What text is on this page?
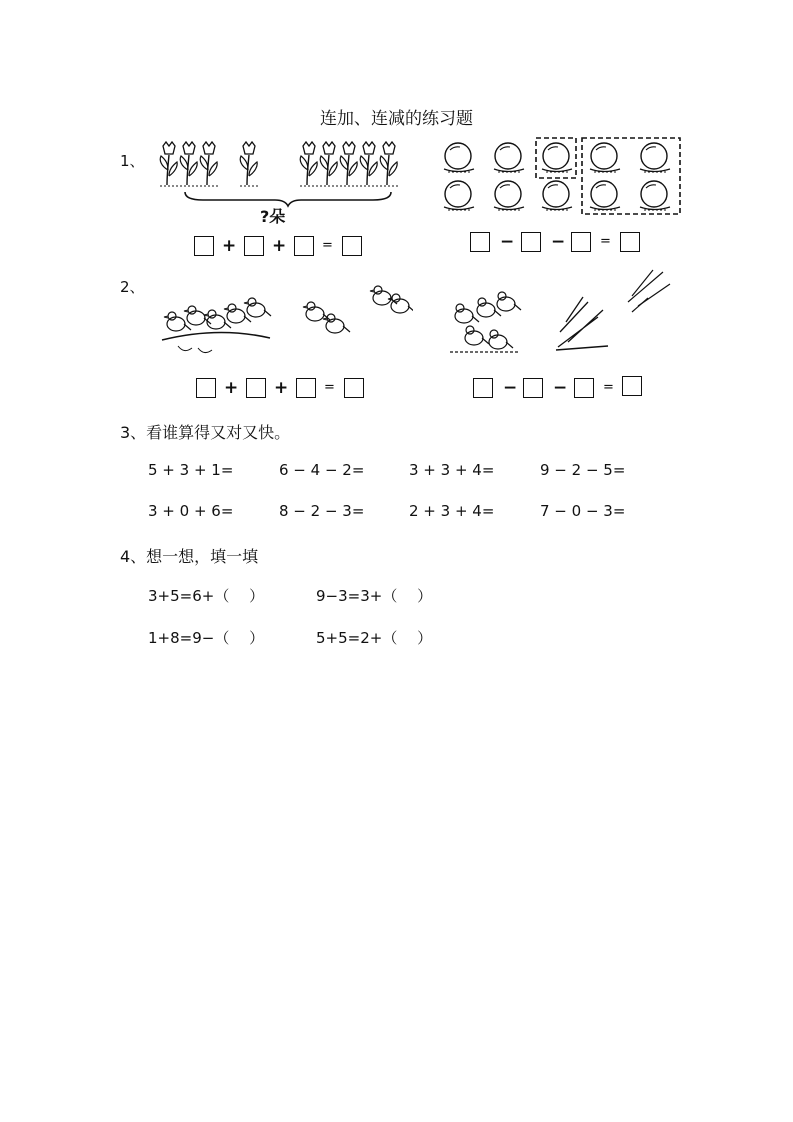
连加、连减的练习题
1、
?朵
+ +	=	− −	=
2、
+ +	=	− −	=
3、看谁算得又对又快。
5 + 3 + 1=	6 − 4 − 2=	3 + 3 + 4=	9 − 2 − 5=
3 + 0 + 6=	8 − 2 − 3=	2 + 3 + 4=	7 − 0 − 3=
4、想一想，填一填
3+5=6+（　 ）	9−3=3+（　 ）
1+8=9−（　 ）	5+5=2+（　 ）
